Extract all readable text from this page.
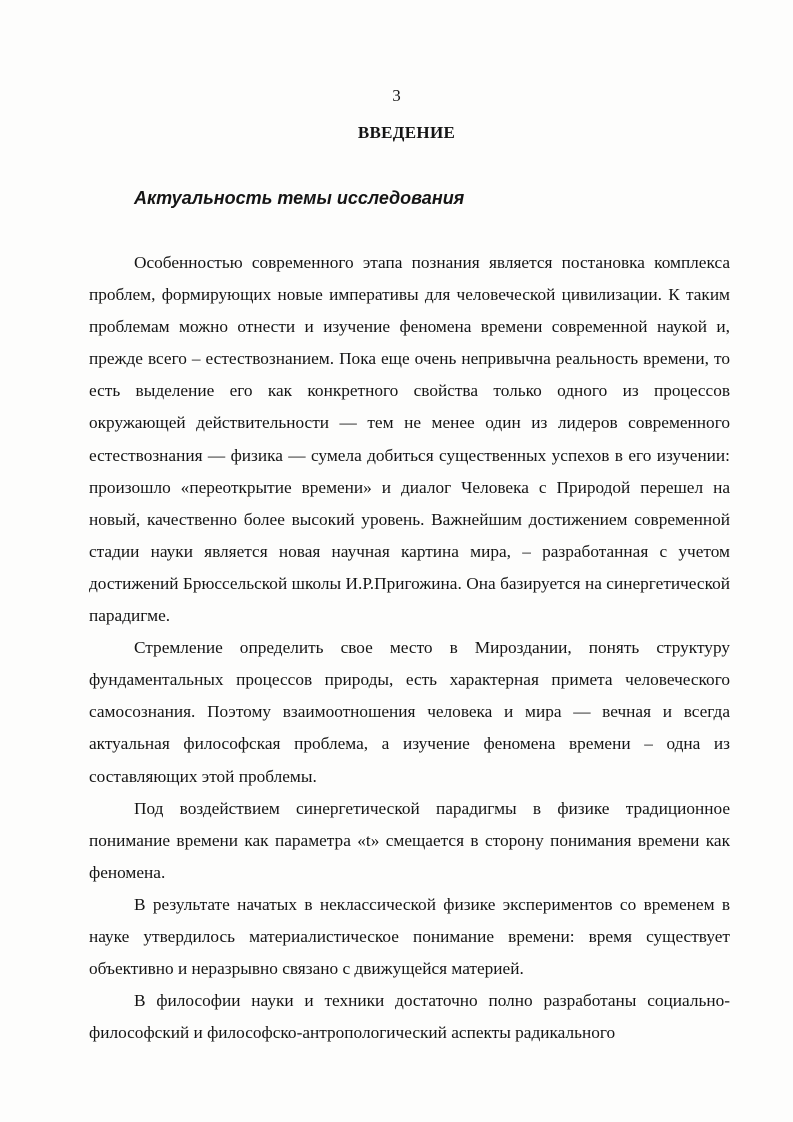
3
ВВЕДЕНИЕ
Актуальность темы исследования

Особенностью современного этапа познания является постановка комплекса проблем, формирующих новые императивы для человеческой цивилизации. К таким проблемам можно отнести и изучение феномена времени современной наукой и, прежде всего – естествознанием. Пока еще очень непривычна реальность времени, то есть выделение его как конкретного свойства только одного из процессов окружающей действительности — тем не менее один из лидеров современного естествознания — физика — сумела добиться существенных успехов в его изучении: произошло «переоткрытие времени» и диалог Человека с Природой перешел на новый, качественно более высокий уровень. Важнейшим достижением современной стадии науки является новая научная картина мира, – разработанная с учетом достижений Брюссельской школы И.Р.Пригожина. Она базируется на синергетической парадигме.

Стремление определить свое место в Мироздании, понять структуру фундаментальных процессов природы, есть характерная примета человеческого самосознания. Поэтому взаимоотношения человека и мира — вечная и всегда актуальная философская проблема, а изучение феномена времени – одна из составляющих этой проблемы.

Под воздействием синергетической парадигмы в физике традиционное понимание времени как параметра «t» смещается в сторону понимания времени как феномена.

В результате начатых в неклассической физике экспериментов со временем в науке утвердилось материалистическое понимание времени: время существует объективно и неразрывно связано с движущейся материей.

В философии науки и техники достаточно полно разработаны социально-философский и философско-антропологический аспекты радикального
